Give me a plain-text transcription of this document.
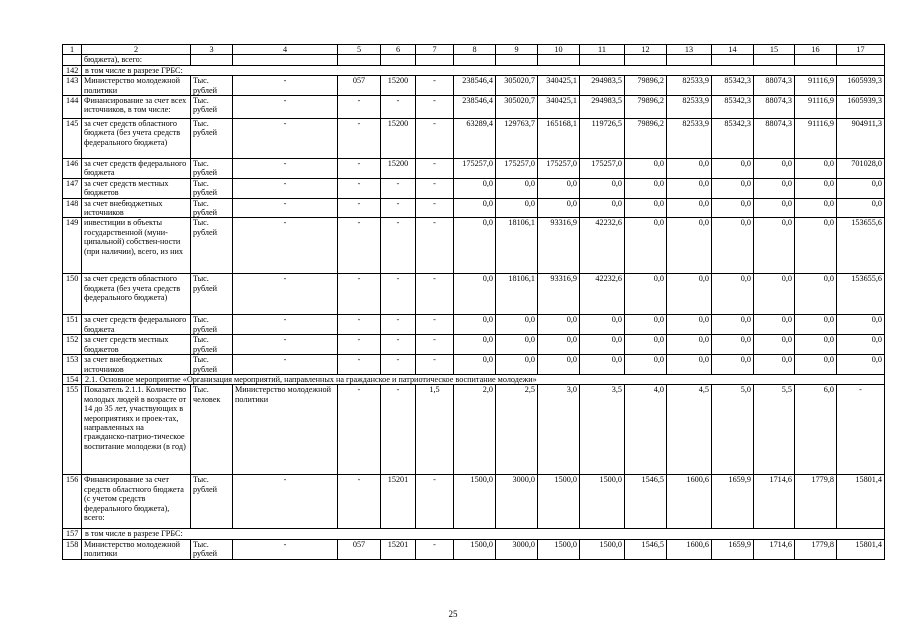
1	2	3	4	5	6	7	8	9	10	11	12	13	14	15	16	17
	бюджета), всего:															
142	в том числе в разрезе ГРБС:															
143	Министерство молодежной политики	Тыс. рублей	-	057	15200	-	238546,4	305020,7	340425,1	294983,5	79896,2	82533,9	85342,3	88074,3	91116,9	1605939,3
144	Финансирование за счет всех источников, в том числе:	Тыс. рублей	-	-	-	-	238546,4	305020,7	340425,1	294983,5	79896,2	82533,9	85342,3	88074,3	91116,9	1605939,3
145	за счет средств областного бюджета (без учета средств федерального бюджета)	Тыс. рублей	-	-	15200	-	63289,4	129763,7	165168,1	119726,5	79896,2	82533,9	85342,3	88074,3	91116,9	904911,3
146	за счет средств федерального бюджета	Тыс. рублей	-	-	15200	-	175257,0	175257,0	175257,0	175257,0	0,0	0,0	0,0	0,0	0,0	701028,0
147	за счет средств местных бюджетов	Тыс. рублей	-	-	-	-	0,0	0,0	0,0	0,0	0,0	0,0	0,0	0,0	0,0	0,0
148	за счет внебюджетных источников	Тыс. рублей	-	-	-	-	0,0	0,0	0,0	0,0	0,0	0,0	0,0	0,0	0,0	0,0
149	инвестиции в объекты государственной (муни-ципальной) собствен-ности (при наличии), всего, из них	Тыс. рублей	-	-	-	-	0,0	18106,1	93316,9	42232,6	0,0	0,0	0,0	0,0	0,0	153655,6
150	за счет средств областного бюджета (без учета средств федерального бюджета)	Тыс. рублей	-	-	-	-	0,0	18106,1	93316,9	42232,6	0,0	0,0	0,0	0,0	0,0	153655,6
151	за счет средств федерального бюджета	Тыс. рублей	-	-	-	-	0,0	0,0	0,0	0,0	0,0	0,0	0,0	0,0	0,0	0,0
152	за счет средств местных бюджетов	Тыс. рублей	-	-	-	-	0,0	0,0	0,0	0,0	0,0	0,0	0,0	0,0	0,0	0,0
153	за счет внебюджетных источников	Тыс. рублей	-	-	-	-	0,0	0,0	0,0	0,0	0,0	0,0	0,0	0,0	0,0	0,0
154	2.1. Основное мероприятие «Организация мероприятий, направленных на гражданское и патриотическое воспитание молодежи»															
155	Показатель 2.1.1. Количество молодых людей в возрасте от 14 до 35 лет, участвующих в мероприятиях и проек-тах, направленных на гражданско-патрио-тическое воспитание молодежи (в год)	Тыс. человек	Министерство молодежной политики	-	-	1,5	2,0	2,5	3,0	3,5	4,0	4,5	5,0	5,5	6,0	-
156	Финансирование за счет средств областного бюджета (с учетом средств федерального бюджета), всего:	Тыс. рублей	-	-	15201	-	1500,0	3000,0	1500,0	1500,0	1546,5	1600,6	1659,9	1714,6	1779,8	15801,4
157	в том числе в разрезе ГРБС:															
158	Министерство молодежной политики	Тыс. рублей	-	057	15201	-	1500,0	3000,0	1500,0	1500,0	1546,5	1600,6	1659,9	1714,6	1779,8	15801,4
25
